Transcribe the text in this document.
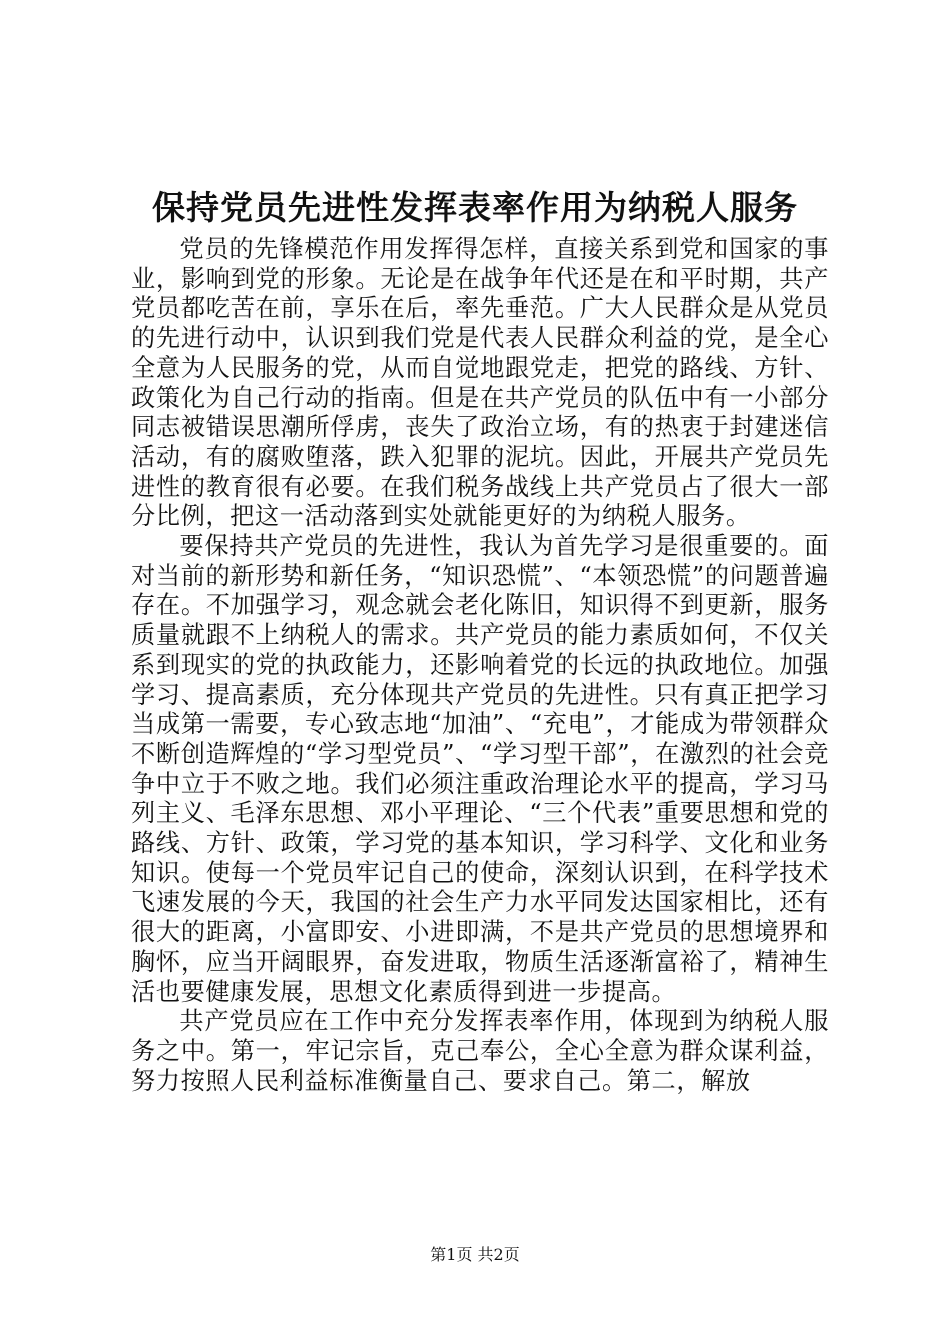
保持党员先进性发挥表率作用为纳税人服务

党员的先锋模范作用发挥得怎样，直接关系到党和国家的事业，影响到党的形象。无论是在战争年代还是在和平时期，共产党员都吃苦在前，享乐在后，率先垂范。广大人民群众是从党员的先进行动中，认识到我们党是代表人民群众利益的党，是全心全意为人民服务的党，从而自觉地跟党走，把党的路线、方针、政策化为自己行动的指南。但是在共产党员的队伍中有一小部分同志被错误思潮所俘虏，丧失了政治立场，有的热衷于封建迷信活动，有的腐败堕落，跌入犯罪的泥坑。因此，开展共产党员先进性的教育很有必要。在我们税务战线上共产党员占了很大一部分比例，把这一活动落到实处就能更好的为纳税人服务。

要保持共产党员的先进性，我认为首先学习是很重要的。面对当前的新形势和新任务，“知识恐慌”、“本领恐慌”的问题普遍存在。不加强学习，观念就会老化陈旧，知识得不到更新，服务质量就跟不上纳税人的需求。共产党员的能力素质如何，不仅关系到现实的党的执政能力，还影响着党的长远的执政地位。加强学习、提高素质，充分体现共产党员的先进性。只有真正把学习当成第一需要，专心致志地“加油”、“充电”，才能成为带领群众不断创造辉煌的“学习型党员”、“学习型干部”，在激烈的社会竞争中立于不败之地。我们必须注重政治理论水平的提高，学习马列主义、毛泽东思想、邓小平理论、“三个代表”重要思想和党的路线、方针、政策，学习党的基本知识，学习科学、文化和业务知识。使每一个党员牢记自己的使命，深刻认识到，在科学技术飞速发展的今天，我国的社会生产力水平同发达国家相比，还有很大的距离，小富即安、小进即满，不是共产党员的思想境界和胸怀，应当开阔眼界，奋发进取，物质生活逐渐富裕了，精神生活也要健康发展，思想文化素质得到进一步提高。

共产党员应在工作中充分发挥表率作用，体现到为纳税人服务之中。第一，牢记宗旨，克己奉公，全心全意为群众谋利益，努力按照人民利益标准衡量自己、要求自己。第二，解放

第1页 共2页
